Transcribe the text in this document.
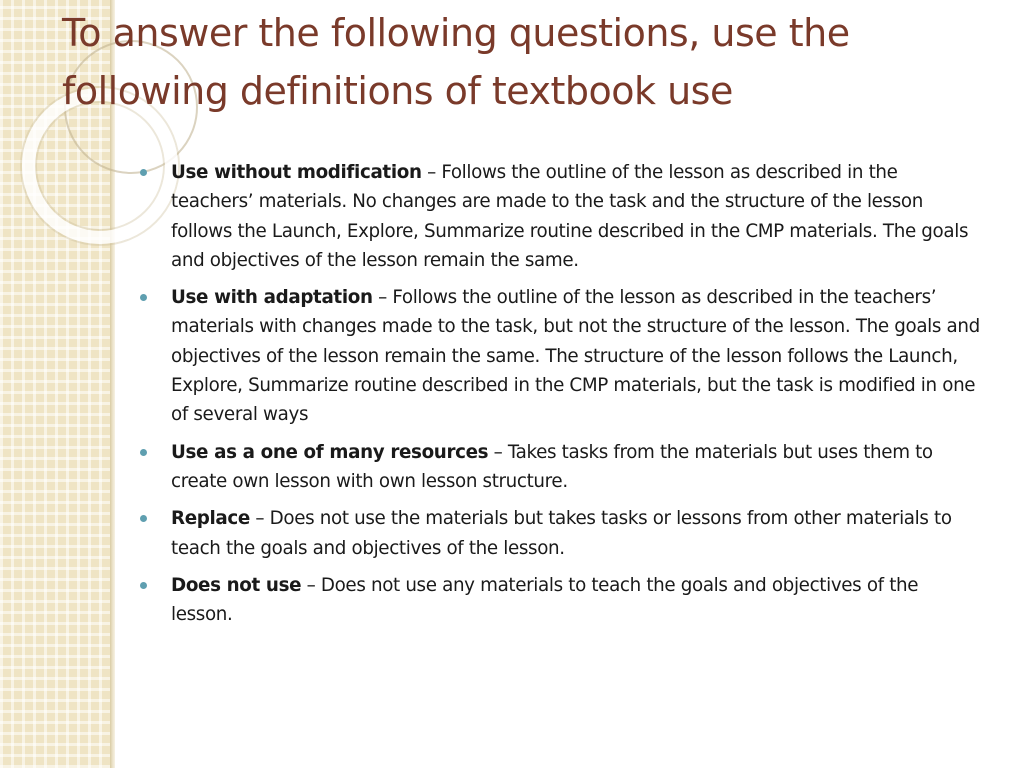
To answer the following questions, use the following definitions of textbook use
Use without modification – Follows the outline of the lesson as described in the teachers’ materials. No changes are made to the task and the structure of the lesson follows the Launch, Explore, Summarize routine described in the CMP materials. The goals and objectives of the lesson remain the same.
Use with adaptation – Follows the outline of the lesson as described in the teachers’ materials with changes made to the task, but not the structure of the lesson. The goals and objectives of the lesson remain the same. The structure of the lesson follows the Launch, Explore, Summarize routine described in the CMP materials, but the task is modified in one of several ways
Use as a one of many resources – Takes tasks from the materials but uses them to create own lesson with own lesson structure.
Replace – Does not use the materials but takes tasks or lessons from other materials to teach the goals and objectives of the lesson.
Does not use – Does not use any materials to teach the goals and objectives of the lesson.
